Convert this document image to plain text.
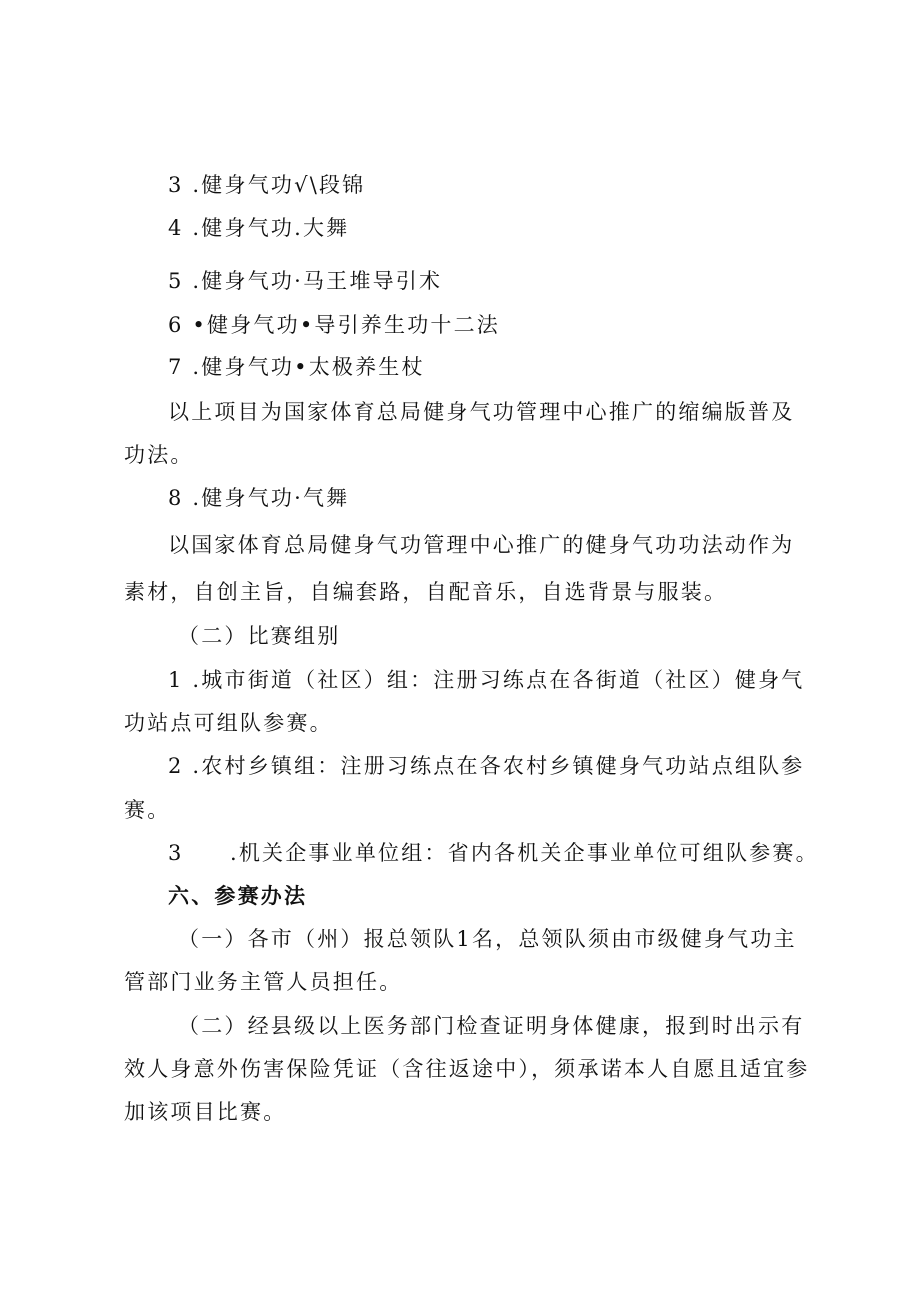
3 .健身气功√\段锦
4 .健身气功.大舞
5 .健身气功·马王堆导引术
6 •健身气功•导引养生功十二法
7 .健身气功•太极养生杖
以上项目为国家体育总局健身气功管理中心推广的缩编版普及
功法。
8 .健身气功·气舞
以国家体育总局健身气功管理中心推广的健身气功功法动作为
素材，自创主旨，自编套路，自配音乐，自选背景与服装。
（二）比赛组别
1 .城市街道（社区）组：注册习练点在各街道（社区）健身气
功站点可组队参赛。
2 .农村乡镇组：注册习练点在各农村乡镇健身气功站点组队参
赛。
3　　.机关企事业单位组：省内各机关企事业单位可组队参赛。
六、参赛办法
（一）各市（州）报总领队1名，总领队须由市级健身气功主
管部门业务主管人员担任。
（二）经县级以上医务部门检查证明身体健康，报到时出示有
效人身意外伤害保险凭证（含往返途中），须承诺本人自愿且适宜参
加该项目比赛。
